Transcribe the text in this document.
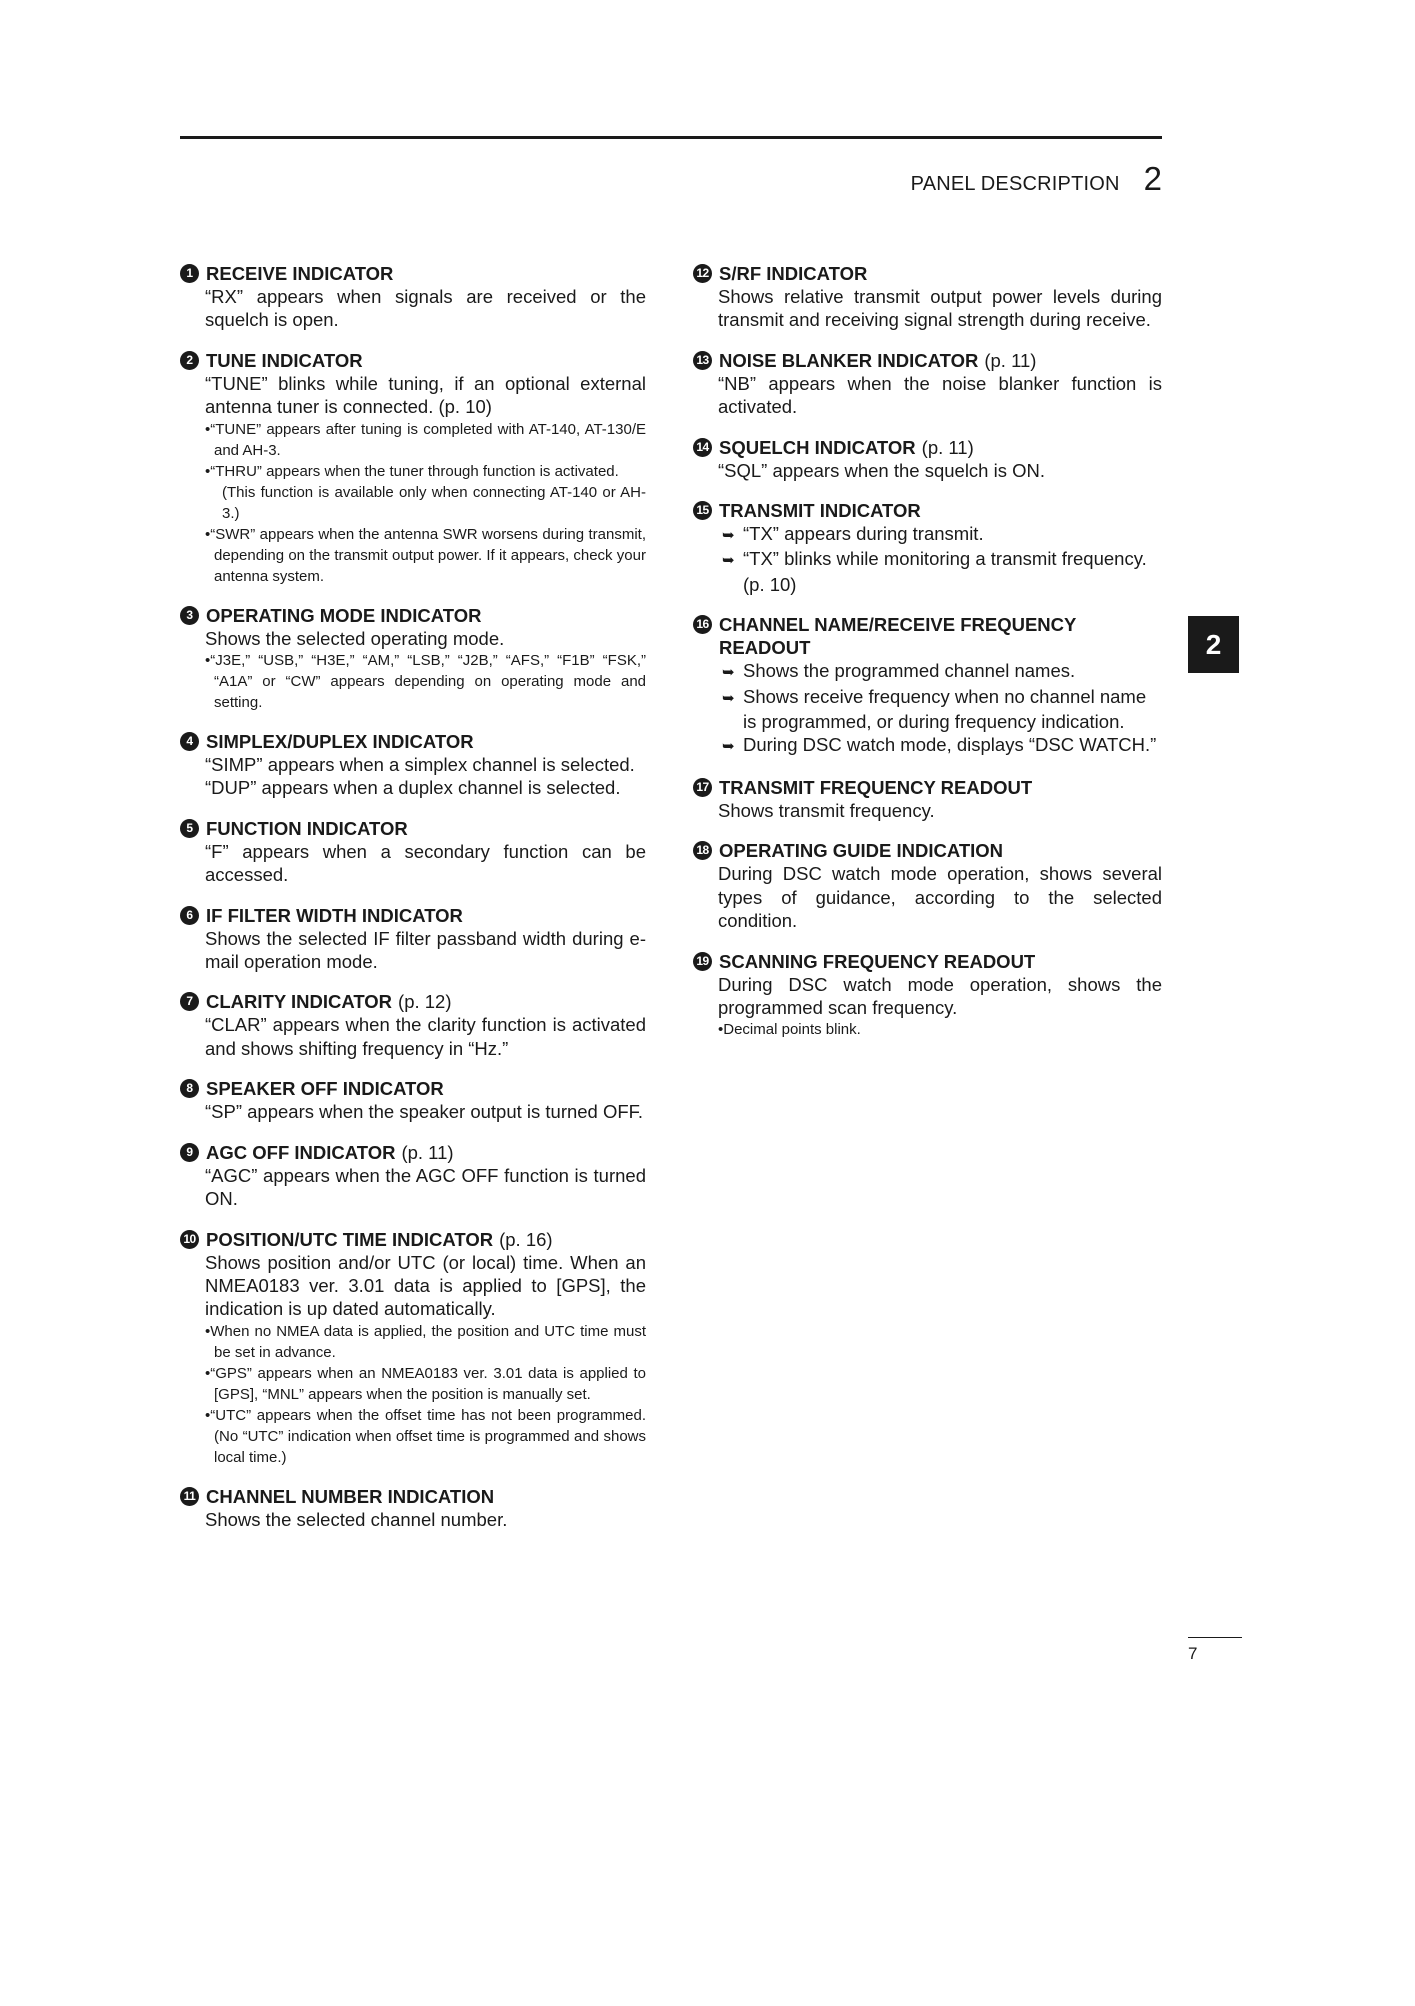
PANEL DESCRIPTION 2
1 RECEIVE INDICATOR
“RX” appears when signals are received or the squelch is open.
2 TUNE INDICATOR
“TUNE” blinks while tuning, if an optional external antenna tuner is connected. (p. 10)
•“TUNE” appears after tuning is completed with AT-140, AT-130/E and AH-3.
•“THRU” appears when the tuner through function is activated.
(This function is available only when connecting AT-140 or AH-3.)
•“SWR” appears when the antenna SWR worsens during transmit, depending on the transmit output power. If it appears, check your antenna system.
3 OPERATING MODE INDICATOR
Shows the selected operating mode.
•“J3E,” “USB,” “H3E,” “AM,” “LSB,” “J2B,” “AFS,” “F1B” “FSK,” “A1A” or “CW” appears depending on operating mode and setting.
4 SIMPLEX/DUPLEX INDICATOR
“SIMP” appears when a simplex channel is selected.
“DUP” appears when a duplex channel is selected.
5 FUNCTION INDICATOR
“F” appears when a secondary function can be accessed.
6 IF FILTER WIDTH INDICATOR
Shows the selected IF filter passband width during e-mail operation mode.
7 CLARITY INDICATOR (p. 12)
“CLAR” appears when the clarity function is activated and shows shifting frequency in “Hz.”
8 SPEAKER OFF INDICATOR
“SP” appears when the speaker output is turned OFF.
9 AGC OFF INDICATOR (p. 11)
“AGC” appears when the AGC OFF function is turned ON.
10 POSITION/UTC TIME INDICATOR (p. 16)
Shows position and/or UTC (or local) time. When an NMEA0183 ver. 3.01 data is applied to [GPS], the indication is up dated automatically.
•When no NMEA data is applied, the position and UTC time must be set in advance.
•“GPS” appears when an NMEA0183 ver. 3.01 data is applied to [GPS], “MNL” appears when the position is manually set.
•“UTC” appears when the offset time has not been programmed. (No “UTC” indication when offset time is programmed and shows local time.)
11 CHANNEL NUMBER INDICATION
Shows the selected channel number.
12 S/RF INDICATOR
Shows relative transmit output power levels during transmit and receiving signal strength during receive.
13 NOISE BLANKER INDICATOR (p. 11)
“NB” appears when the noise blanker function is activated.
14 SQUELCH INDICATOR (p. 11)
“SQL” appears when the squelch is ON.
15 TRANSMIT INDICATOR
➥ “TX” appears during transmit.
➥ “TX” blinks while monitoring a transmit frequency. (p. 10)
16 CHANNEL NAME/RECEIVE FREQUENCY READOUT
➥ Shows the programmed channel names.
➥ Shows receive frequency when no channel name is programmed, or during frequency indication.
➥ During DSC watch mode, displays “DSC WATCH.”
17 TRANSMIT FREQUENCY READOUT
Shows transmit frequency.
18 OPERATING GUIDE INDICATION
During DSC watch mode operation, shows several types of guidance, according to the selected condition.
19 SCANNING FREQUENCY READOUT
During DSC watch mode operation, shows the programmed scan frequency.
•Decimal points blink.
2
7
